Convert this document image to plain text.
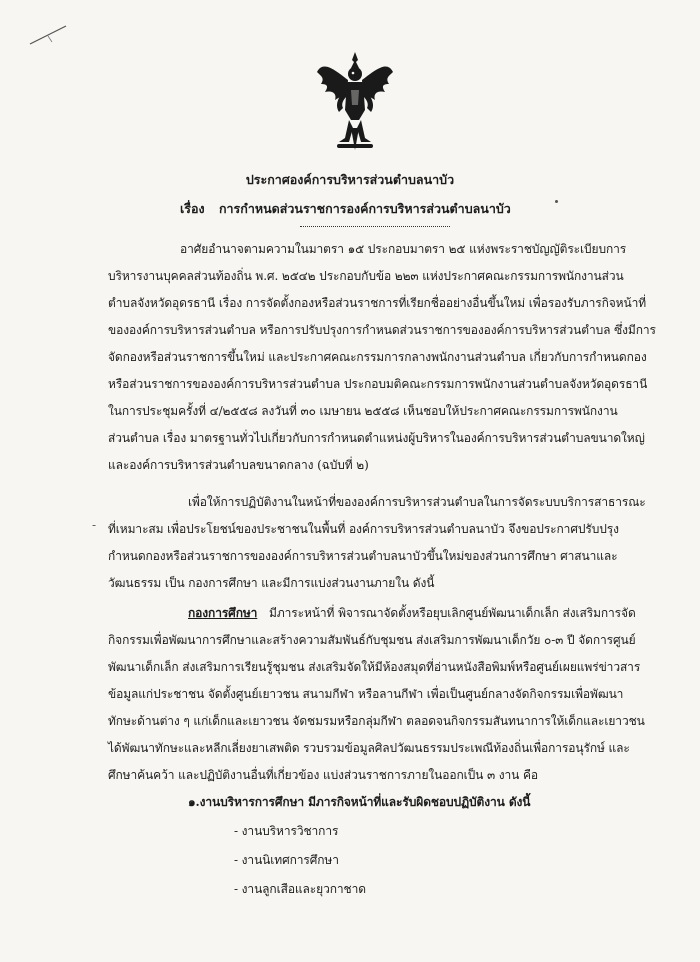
ประกาศองค์การบริหารส่วนตำบลนาบัว
เรื่อง การกำหนดส่วนราชการองค์การบริหารส่วนตำบลนาบัว
อาศัยอำนาจตามความในมาตรา ๑๕ ประกอบมาตรา ๒๕ แห่งพระราชบัญญัติระเบียบการ
บริหารงานบุคคลส่วนท้องถิ่น พ.ศ. ๒๕๔๒ ประกอบกับข้อ ๒๒๓ แห่งประกาศคณะกรรมการพนักงานส่วน
ตำบลจังหวัดอุดรธานี เรื่อง การจัดตั้งกองหรือส่วนราชการที่เรียกชื่ออย่างอื่นขึ้นใหม่ เพื่อรองรับภารกิจหน้าที่
ขององค์การบริหารส่วนตำบล หรือการปรับปรุงการกำหนดส่วนราชการขององค์การบริหารส่วนตำบล ซึ่งมีการ
จัดกองหรือส่วนราชการขึ้นใหม่ และประกาศคณะกรรมการกลางพนักงานส่วนตำบล เกี่ยวกับการกำหนดกอง
หรือส่วนราชการขององค์การบริหารส่วนตำบล ประกอบมติคณะกรรมการพนักงานส่วนตำบลจังหวัดอุดรธานี
ในการประชุมครั้งที่ ๔/๒๕๕๘ ลงวันที่ ๓๐ เมษายน ๒๕๕๘ เห็นชอบให้ประกาศคณะกรรมการพนักงาน
ส่วนตำบล เรื่อง มาตรฐานทั่วไปเกี่ยวกับการกำหนดตำแหน่งผู้บริหารในองค์การบริหารส่วนตำบลขนาดใหญ่
และองค์การบริหารส่วนตำบลขนาดกลาง (ฉบับที่ ๒)
เพื่อให้การปฏิบัติงานในหน้าที่ขององค์การบริหารส่วนตำบลในการจัดระบบบริการสาธารณะ
ที่เหมาะสม เพื่อประโยชน์ของประชาชนในพื้นที่ องค์การบริหารส่วนตำบลนาบัว จึงขอประกาศปรับปรุง
-
กำหนดกองหรือส่วนราชการขององค์การบริหารส่วนตำบลนาบัวขึ้นใหม่ของส่วนการศึกษา ศาสนาและ
วัฒนธรรม เป็น กองการศึกษา และมีการแบ่งส่วนงานภายใน ดังนี้
กองการศึกษา มีภาระหน้าที่ พิจารณาจัดตั้งหรือยุบเลิกศูนย์พัฒนาเด็กเล็ก ส่งเสริมการจัด
กิจกรรมเพื่อพัฒนาการศึกษาและสร้างความสัมพันธ์กับชุมชน ส่งเสริมการพัฒนาเด็กวัย ๐-๓ ปี จัดการศูนย์
พัฒนาเด็กเล็ก ส่งเสริมการเรียนรู้ชุมชน ส่งเสริมจัดให้มีห้องสมุดที่อ่านหนังสือพิมพ์หรือศูนย์เผยแพร่ข่าวสาร
ข้อมูลแก่ประชาชน จัดตั้งศูนย์เยาวชน สนามกีฬา หรือลานกีฬา เพื่อเป็นศูนย์กลางจัดกิจกรรมเพื่อพัฒนา
ทักษะด้านต่าง ๆ แก่เด็กและเยาวชน จัดชมรมหรือกลุ่มกีฬา ตลอดจนกิจกรรมสันทนาการให้เด็กและเยาวชน
ได้พัฒนาทักษะและหลีกเลี่ยงยาเสพติด รวบรวมข้อมูลศิลปวัฒนธรรมประเพณีท้องถิ่นเพื่อการอนุรักษ์ และ
ศึกษาค้นคว้า และปฏิบัติงานอื่นที่เกี่ยวข้อง แบ่งส่วนราชการภายในออกเป็น ๓ งาน คือ
๑.งานบริหารการศึกษา มีภารกิจหน้าที่และรับผิดชอบปฏิบัติงาน ดังนี้
- งานบริหารวิชาการ
- งานนิเทศการศึกษา
- งานลูกเสือและยุวกาชาด
